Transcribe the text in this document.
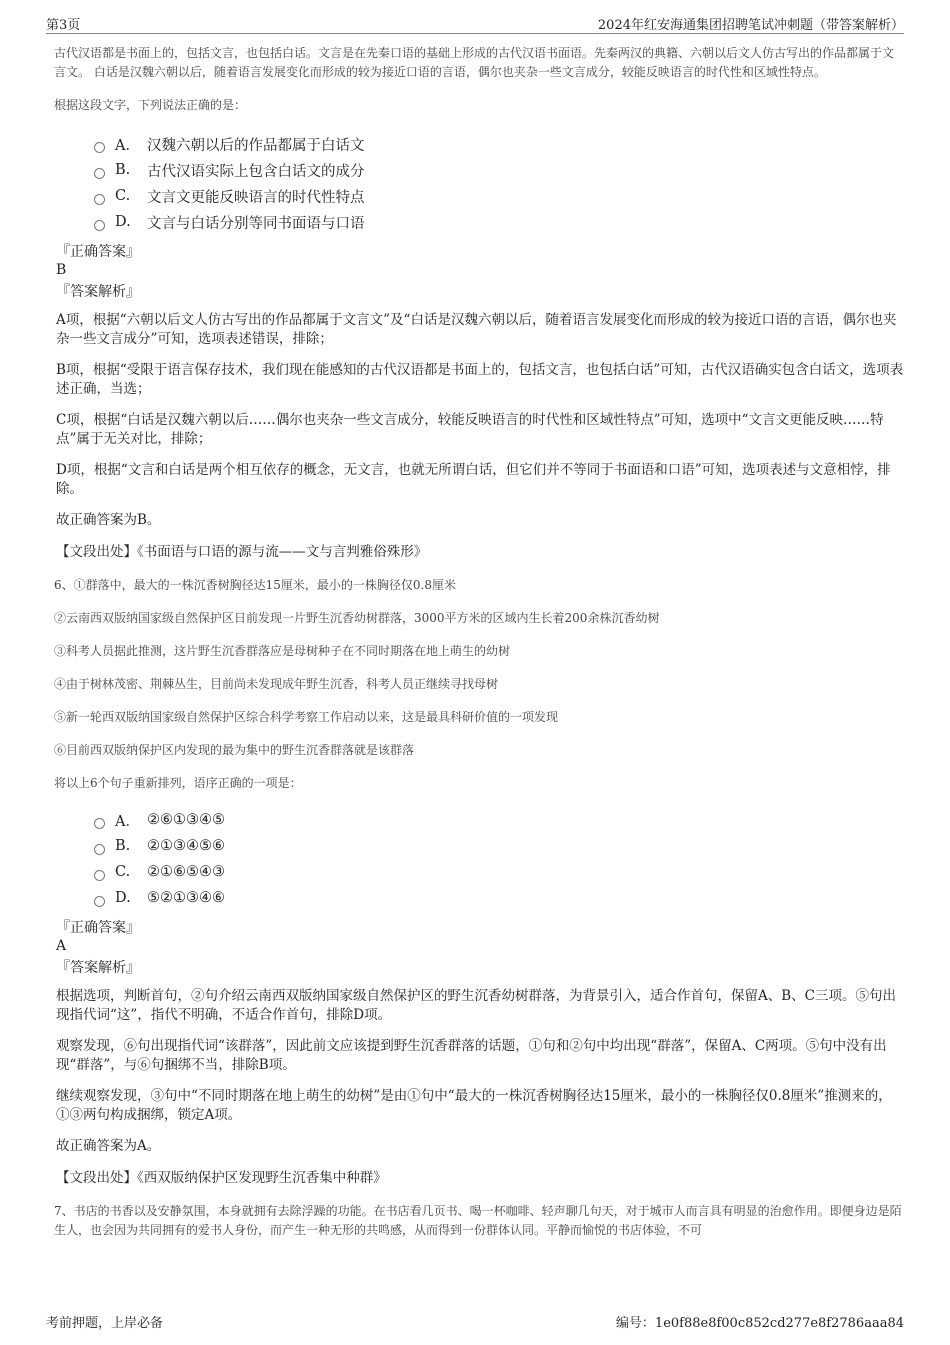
第3页	2024年红安海通集团招聘笔试冲刺题（带答案解析）
古代汉语都是书面上的，包括文言，也包括白话。文言是在先秦口语的基础上形成的古代汉语书面语。先秦两汉的典籍、六朝以后文人仿古写出的作品都属于文言文。 白话是汉魏六朝以后，随着语言发展变化而形成的较为接近口语的言语，偶尔也夹杂一些文言成分，较能反映语言的时代性和区域性特点。
根据这段文字，下列说法正确的是：
A． 汉魏六朝以后的作品都属于白话文
B.	古代汉语实际上包含白话文的成分
C.	文言文更能反映语言的时代性特点
D.	文言与白话分别等同书面语与口语
『正确答案』
B
『答案解析』
A项，根据“六朝以后文人仿古写出的作品都属于文言文”及“白话是汉魏六朝以后，随着语言发展变化而形成的较为接近口语的言语，偶尔也夹杂一些文言成分”可知，选项表述错误，排除；
B项，根据“受限于语言保存技术，我们现在能感知的古代汉语都是书面上的，包括文言，也包括白话”可知，古代汉语确实包含白话文，选项表述正确，当选；
C项，根据“白话是汉魏六朝以后……偶尔也夹杂一些文言成分，较能反映语言的时代性和区域性特点”可知，选项中“文言文更能反映……特点”属于无关对比，排除；
D项，根据“文言和白话是两个相互依存的概念，无文言，也就无所谓白话，但它们并不等同于书面语和口语”可知，选项表述与文意相悖，排除。
故正确答案为B。
【文段出处】《书面语与口语的源与流——文与言判雅俗殊形》
6、①群落中，最大的一株沉香树胸径达15厘米，最小的一株胸径仅0.8厘米
②云南西双版纳国家级自然保护区日前发现一片野生沉香幼树群落，3000平方米的区域内生长着200余株沉香幼树
③科考人员据此推测，这片野生沉香群落应是母树种子在不同时期落在地上萌生的幼树
④由于树林茂密、荆棘丛生，目前尚未发现成年野生沉香，科考人员正继续寻找母树
⑤新一轮西双版纳国家级自然保护区综合科学考察工作启动以来，这是最具科研价值的一项发现
⑥目前西双版纳保护区内发现的最为集中的野生沉香群落就是该群落
将以上6个句子重新排列，语序正确的一项是：
A． ②⑥①③④⑤
B.	②①③④⑤⑥
C.	②①⑥⑤④③
D.	⑤②①③④⑥
『正确答案』
A
『答案解析』
根据选项，判断首句，②句介绍云南西双版纳国家级自然保护区的野生沉香幼树群落，为背景引入，适合作首句，保留A、B、C三项。⑤句出现指代词“这”，指代不明确，不适合作首句，排除D项。
观察发现，⑥句出现指代词“该群落”，因此前文应该提到野生沉香群落的话题，①句和②句中均出现“群落”，保留A、C两项。⑤句中没有出现“群落”，与⑥句捆绑不当，排除B项。
继续观察发现，③句中“不同时期落在地上萌生的幼树”是由①句中“最大的一株沉香树胸径达15厘米，最小的一株胸径仅0.8厘米”推测来的，①③两句构成捆绑，锁定A项。
故正确答案为A。
【文段出处】《西双版纳保护区发现野生沉香集中种群》
7、书店的书香以及安静氛围，本身就拥有去除浮躁的功能。在书店看几页书、喝一杯咖啡、轻声聊几句天，对于城市人而言具有明显的治愈作用。即便身边是陌生人，也会因为共同拥有的爱书人身份，而产生一种无形的共鸣感，从而得到一份群体认同。平静而愉悦的书店体验，不可
考前押题，上岸必备	编号：1e0f88e8f00c852cd277e8f2786aaa84
